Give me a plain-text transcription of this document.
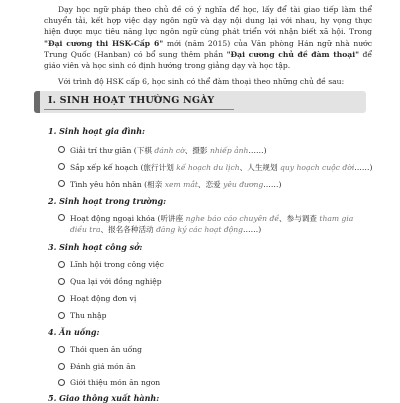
Dạy học ngữ pháp theo chủ đề có ý nghĩa để học, lấy để tài giao tiếp làm thể chuyển tải, kết hợp việc dạy ngôn ngữ và dạy nội dung lại với nhau, hy vọng thực hiện được mục tiêu năng lực ngôn ngữ cùng phát triển với nhận biết xã hội. Trong "Đại cương thi HSK-Cấp 6" mới (năm 2015) của Văn phòng Hán ngữ nhà nước Trung Quốc (Hanban) có bổ sung thêm phần "Đại cương chủ đề đàm thoại" để giáo viên và học sinh có định hướng trong giảng dạy và học tập.

Với trình độ HSK cấp 6, học sinh có thể đàm thoại theo những chủ đề sau:

I. SINH HOẠT THƯỜNG NGÀY

1. Sinh hoạt gia đình:

Giải trí thư giãn (下棋 đánh cờ、摄影 nhiếp ảnh……)

Sắp xếp kế hoạch (旅行计划 kế hoạch du lịch、人生规划 quy hoạch cuộc đời……)

Tình yêu hôn nhân (相亲 xem mắt、恋爱 yêu đương……)

2. Sinh hoạt trong trường:

Hoạt động ngoại khóa (听讲座 nghe báo cáo chuyên đề、参与调查 tham gia điều tra、报名各种活动 đăng ký các hoạt động……)

3. Sinh hoạt công sở:

Lĩnh hội trong công việc

Qua lại với đồng nghiệp

Hoạt động đơn vị

Thu nhập

4. Ăn uống:

Thói quen ăn uống

Đánh giá món ăn

Giới thiệu món ăn ngon

5. Giao thông xuất hành:
